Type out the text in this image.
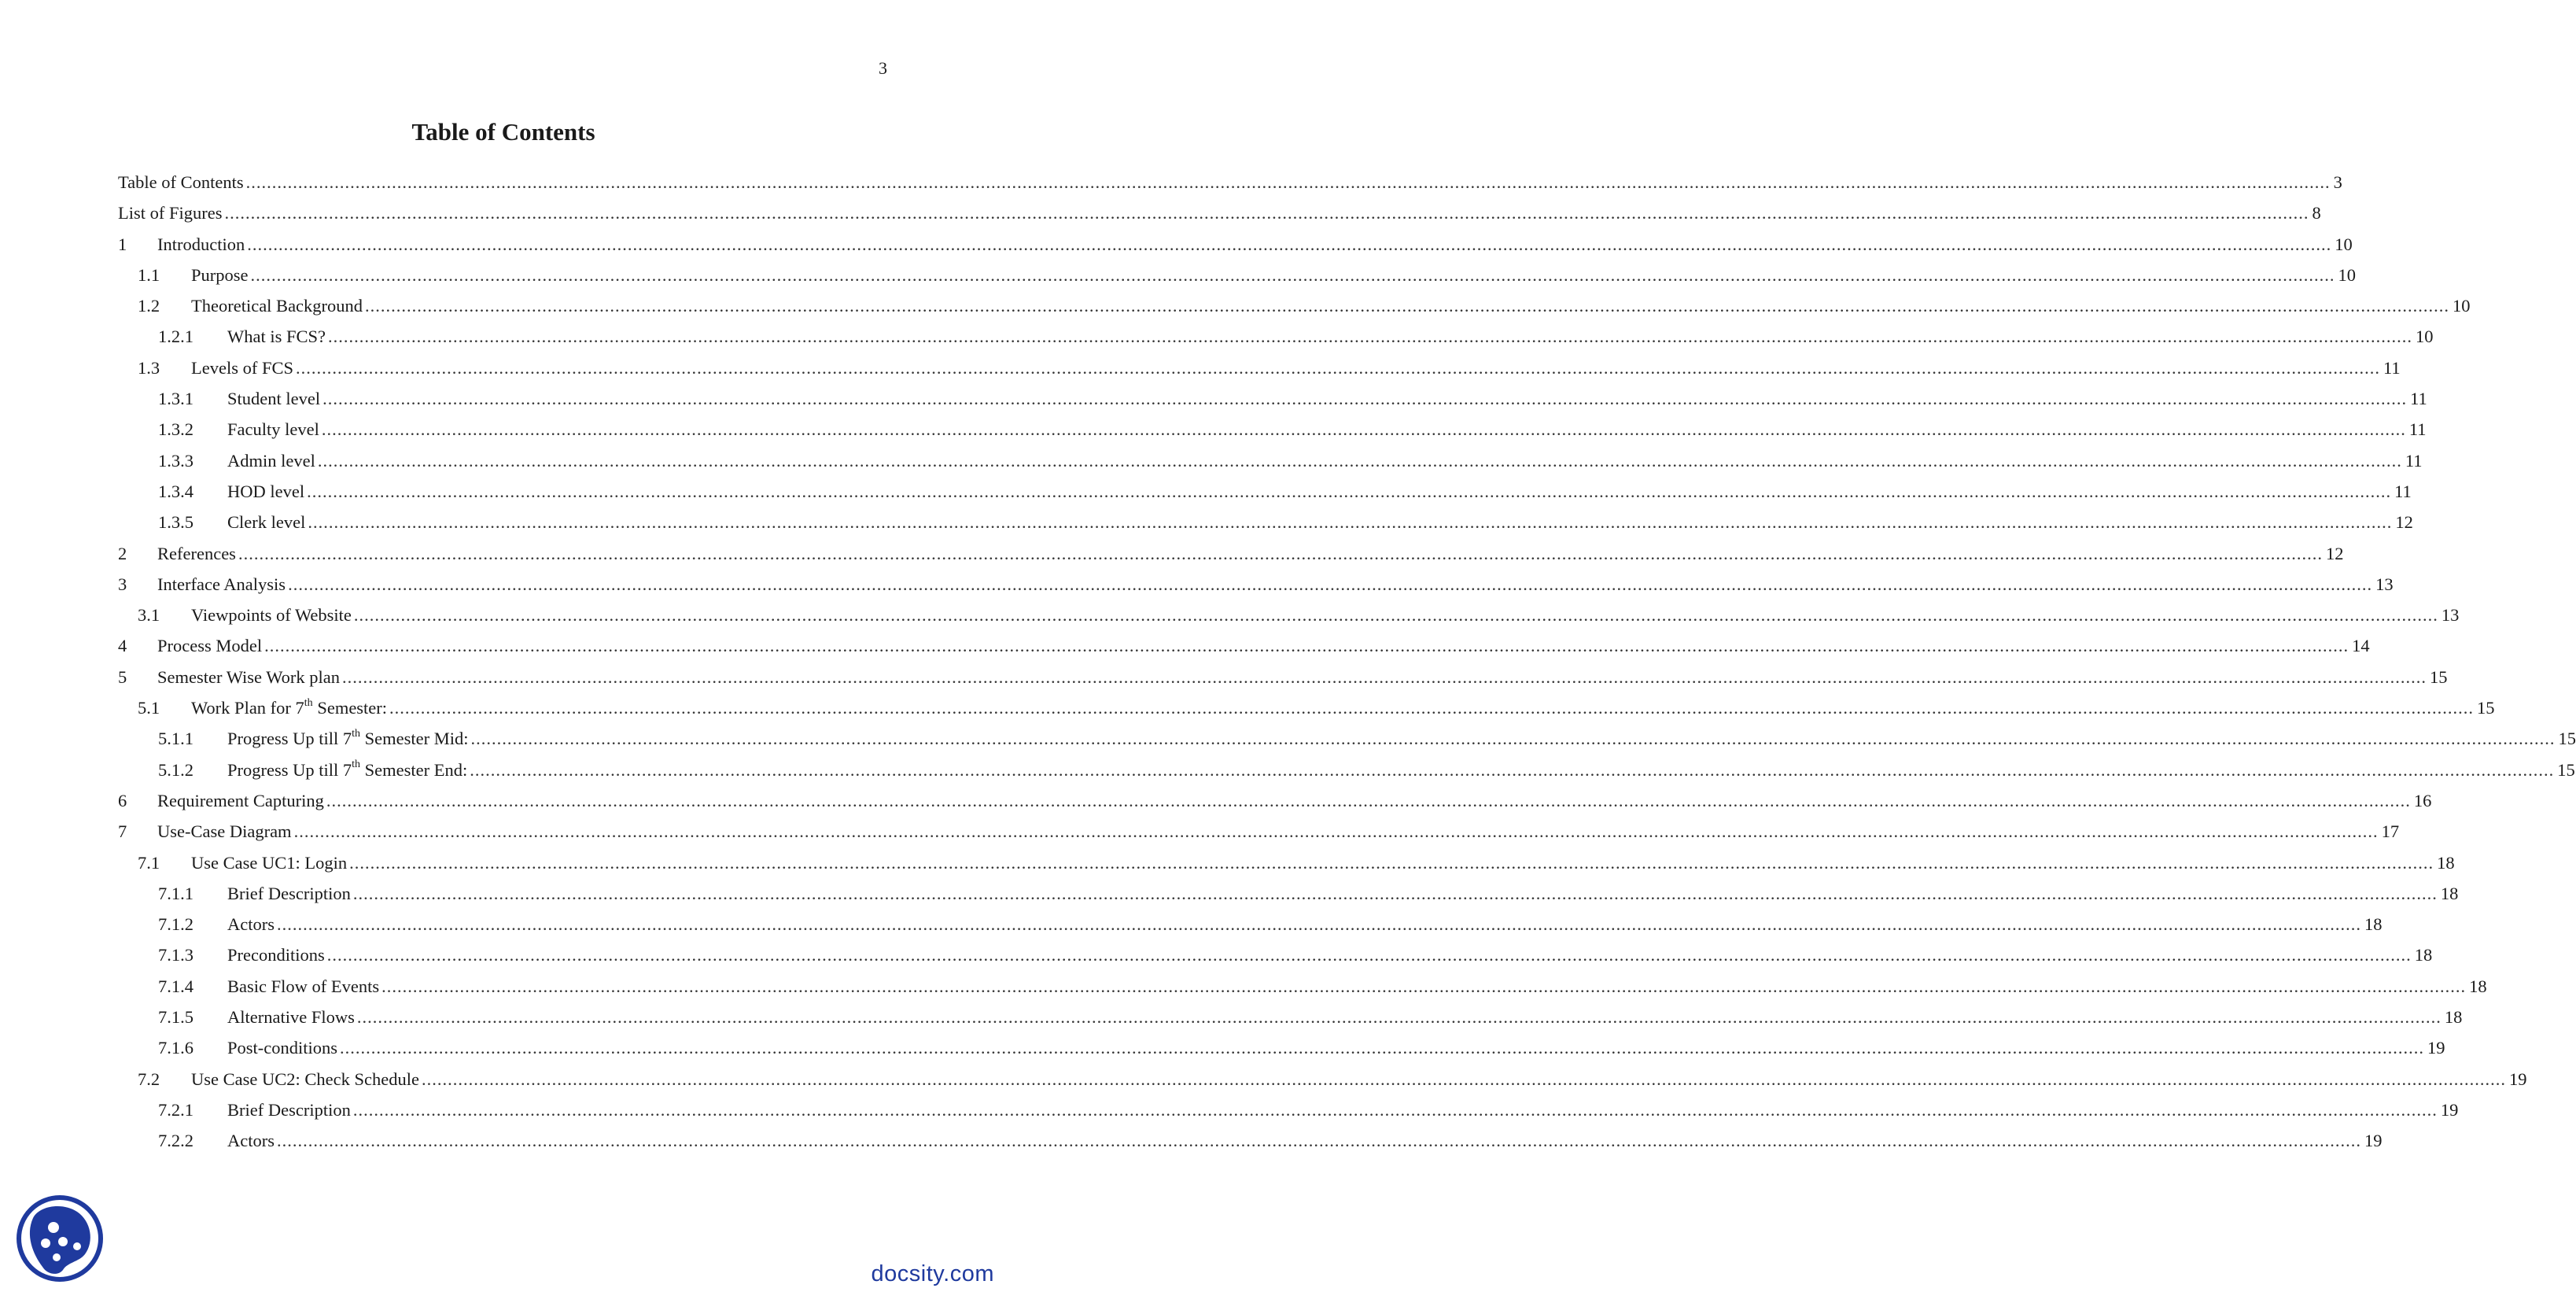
3
Table of Contents
Table of Contents ................................................................................................................................................................................................................................................................................................................................................................................................................ 3
List of Figures ................................................................................................................................................................................................................................................................................................................................................................................................................ 8
1	Introduction ................................................................................................................................................................................................................................................................................................................................................................................................................ 10
1.1	Purpose ................................................................................................................................................................................................................................................................................................................................................................................................................ 10
1.2	Theoretical Background ................................................................................................................................................................................................................................................................................................................................................................................................................ 10
1.2.1	What is FCS? ................................................................................................................................................................................................................................................................................................................................................................................................................ 10
1.3	Levels of FCS ................................................................................................................................................................................................................................................................................................................................................................................................................ 11
1.3.1	Student level ................................................................................................................................................................................................................................................................................................................................................................................................................ 11
1.3.2	Faculty level ................................................................................................................................................................................................................................................................................................................................................................................................................ 11
1.3.3	Admin level ................................................................................................................................................................................................................................................................................................................................................................................................................ 11
1.3.4	HOD level ................................................................................................................................................................................................................................................................................................................................................................................................................ 11
1.3.5	Clerk level ................................................................................................................................................................................................................................................................................................................................................................................................................ 12
2	References ................................................................................................................................................................................................................................................................................................................................................................................................................ 12
3	Interface Analysis ................................................................................................................................................................................................................................................................................................................................................................................................................ 13
3.1	Viewpoints of Website ................................................................................................................................................................................................................................................................................................................................................................................................................ 13
4	Process Model ................................................................................................................................................................................................................................................................................................................................................................................................................ 14
5	Semester Wise Work plan ................................................................................................................................................................................................................................................................................................................................................................................................................ 15
5.1	Work Plan for 7th Semester: ................................................................................................................................................................................................................................................................................................................................................................................................................ 15
5.1.1	Progress Up till 7th Semester Mid: ................................................................................................................................................................................................................................................................................................................................................................................................................ 15
5.1.2	Progress Up till 7th Semester End: ................................................................................................................................................................................................................................................................................................................................................................................................................ 15
6	Requirement Capturing ................................................................................................................................................................................................................................................................................................................................................................................................................ 16
7	Use-Case Diagram ................................................................................................................................................................................................................................................................................................................................................................................................................ 17
7.1	Use Case UC1: Login ................................................................................................................................................................................................................................................................................................................................................................................................................ 18
7.1.1	Brief Description ................................................................................................................................................................................................................................................................................................................................................................................................................ 18
7.1.2	Actors ................................................................................................................................................................................................................................................................................................................................................................................................................ 18
7.1.3	Preconditions ................................................................................................................................................................................................................................................................................................................................................................................................................ 18
7.1.4	Basic Flow of Events ................................................................................................................................................................................................................................................................................................................................................................................................................ 18
7.1.5	Alternative Flows ................................................................................................................................................................................................................................................................................................................................................................................................................ 18
7.1.6	Post-conditions ................................................................................................................................................................................................................................................................................................................................................................................................................ 19
7.2	Use Case UC2: Check Schedule ................................................................................................................................................................................................................................................................................................................................................................................................................ 19
7.2.1	Brief Description ................................................................................................................................................................................................................................................................................................................................................................................................................ 19
7.2.2	Actors ................................................................................................................................................................................................................................................................................................................................................................................................................ 19
docsity.com
